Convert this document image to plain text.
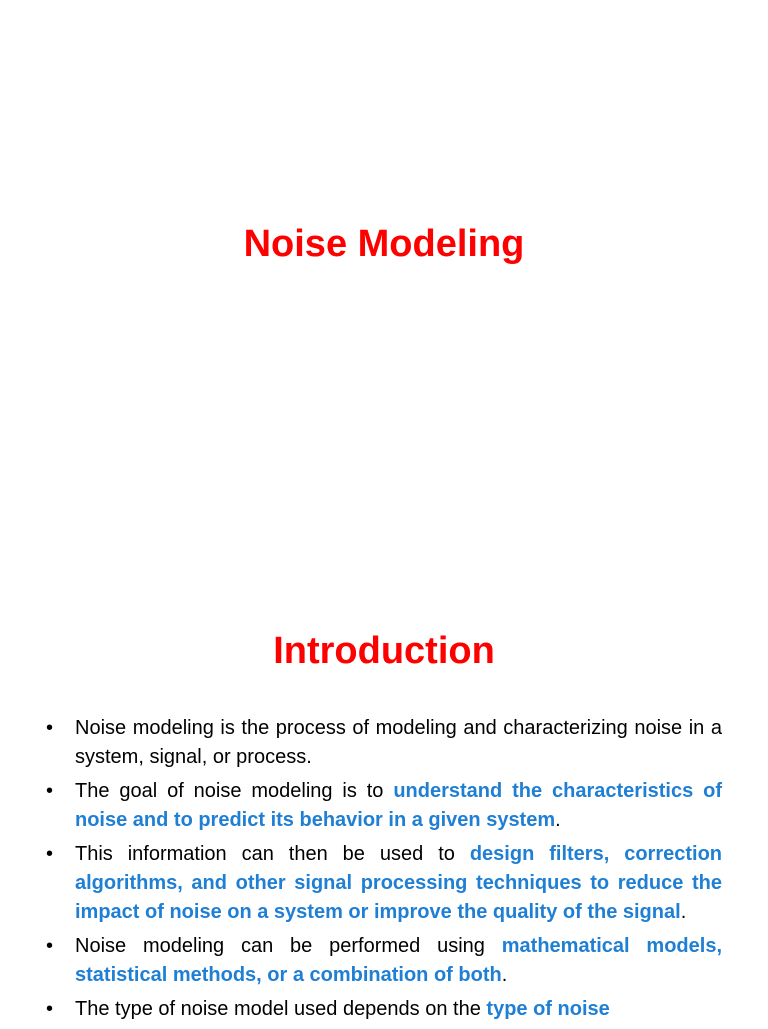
Noise Modeling
Introduction
• Noise modeling is the process of modeling and characterizing noise in a system, signal, or process.
• The goal of noise modeling is to understand the characteristics of noise and to predict its behavior in a given system.
• This information can then be used to design filters, correction algorithms, and other signal processing techniques to reduce the impact of noise on a system or improve the quality of the signal.
• Noise modeling can be performed using mathematical models, statistical methods, or a combination of both.
• The type of noise model used depends on the type of noise
